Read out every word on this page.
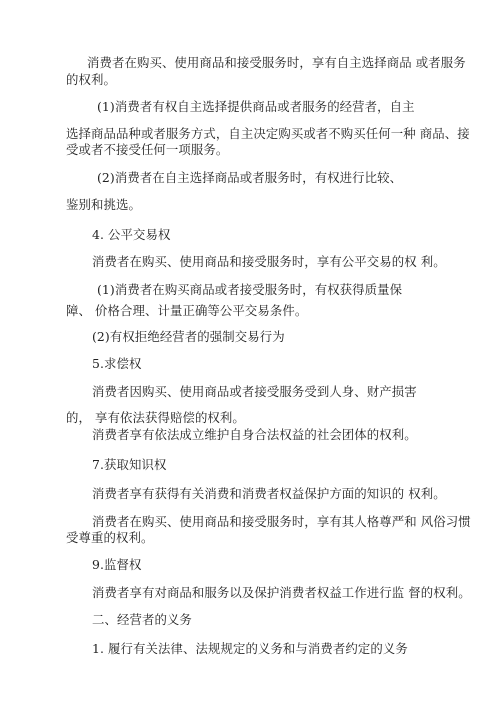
消费者在购买、使用商品和接受服务时，享有自主选择商品 或者服务
的权利。
(1)消费者有权自主选择提供商品或者服务的经营者，自主
选择商品品种或者服务方式，自主决定购买或者不购买任何一种 商品、接
受或者不接受任何一项服务。
(2)消费者在自主选择商品或者服务时，有权进行比较、
鉴别和挑选。
4. 公平交易权
消费者在购买、使用商品和接受服务时，享有公平交易的权 利。
(1)消费者在购买商品或者接受服务时，有权获得质量保
障、 价格合理、计量正确等公平交易条件。
(2)有权拒绝经营者的强制交易行为
5.求偿权
消费者因购买、使用商品或者接受服务受到人身、财产损害
的， 享有依法获得赔偿的权利。
消费者享有依法成立维护自身合法权益的社会团体的权利。
7.获取知识权
消费者享有获得有关消费和消费者权益保护方面的知识的 权利。
消费者在购买、使用商品和接受服务时，享有其人格尊严和 风俗习惯
受尊重的权利。
9.监督权
消费者享有对商品和服务以及保护消费者权益工作进行监 督的权利。
二、经营者的义务
1. 履行有关法律、法规规定的义务和与消费者约定的义务
